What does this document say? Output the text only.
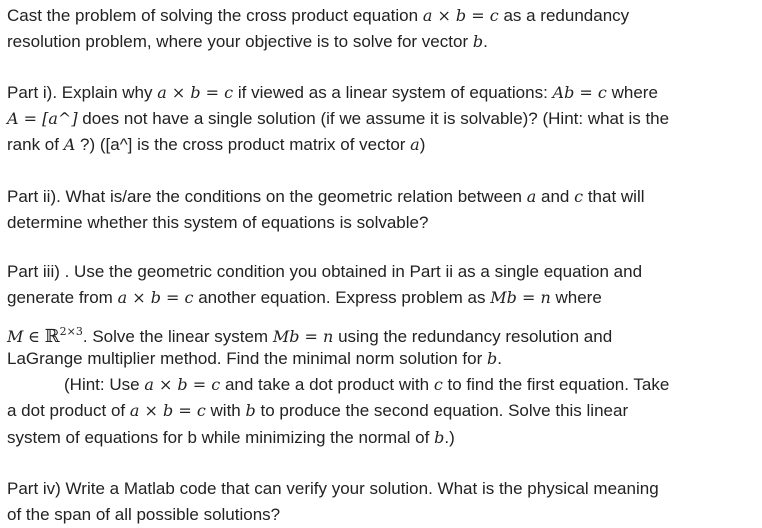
Cast the problem of solving the cross product equation a × b = c as a redundancy
resolution problem, where your objective is to solve for vector b.
Part i). Explain why a × b = c if viewed as a linear system of equations: Ab = c where
A = [a^] does not have a single solution (if we assume it is solvable)? (Hint: what is the
rank of A ?) ([a^] is the cross product matrix of vector a)
Part ii). What is/are the conditions on the geometric relation between a and c that will
determine whether this system of equations is solvable?
Part iii) . Use the geometric condition you obtained in Part ii as a single equation and
generate from a × b = c another equation. Express problem as Mb = n where
M ∈ ℝ$^{2\times 3}$. Solve the linear system Mb = n using the redundancy resolution and
LaGrange multiplier method. Find the minimal norm solution for b.
(Hint: Use a × b = c and take a dot product with c to find the first equation. Take
a dot product of a × b = c with b to produce the second equation. Solve this linear
system of equations for b while minimizing the normal of b.)
Part iv) Write a Matlab code that can verify your solution. What is the physical meaning
of the span of all possible solutions?
